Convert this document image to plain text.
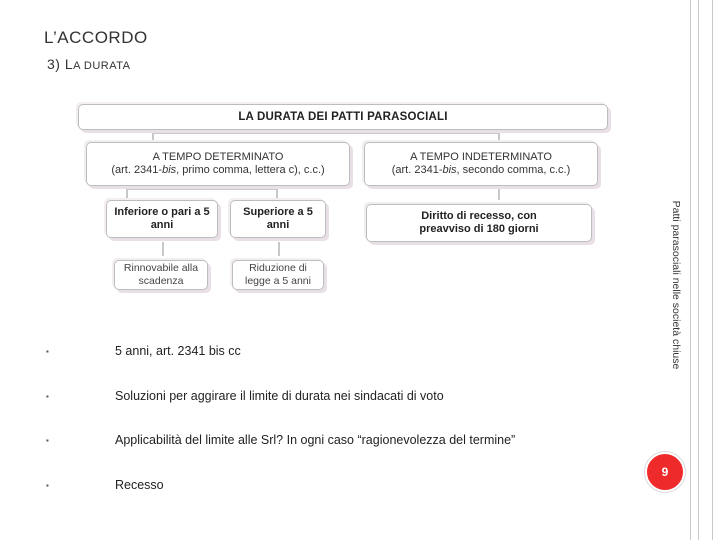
L’ACCORDO
3) LA DURATA
LA DURATA DEI PATTI PARASOCIALI
A TEMPO DETERMINATO
(art. 2341-bis, primo comma, lettera c), c.c.)
A TEMPO INDETERMINATO
(art. 2341-bis, secondo comma, c.c.)
Inferiore o pari a 5 anni
Superiore a 5 anni
Diritto di recesso, con preavviso di 180 giorni
Rinnovabile alla scadenza
Riduzione di legge a 5 anni	Patti parasociali nelle società chiuse
▪	5 anni, art. 2341 bis cc
▪	Soluzioni per aggirare il limite di durata nei sindacati di voto
▪	Applicabilità del limite alle Srl? In ogni caso “ragionevolezza del termine”
▪	Recesso
9
